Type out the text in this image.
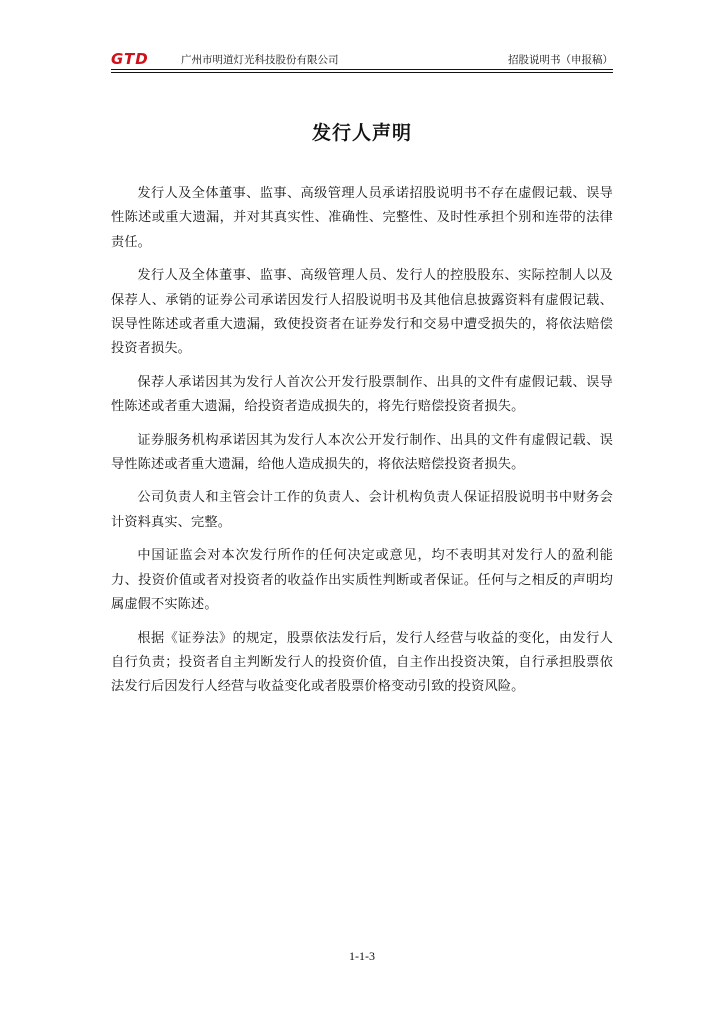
GTD	广州市明道灯光科技股份有限公司	招股说明书（申报稿）
发行人声明

发行人及全体董事、监事、高级管理人员承诺招股说明书不存在虚假记载、误导性陈述或重大遗漏，并对其真实性、准确性、完整性、及时性承担个别和连带的法律责任。

发行人及全体董事、监事、高级管理人员、发行人的控股股东、实际控制人以及保荐人、承销的证券公司承诺因发行人招股说明书及其他信息披露资料有虚假记载、误导性陈述或者重大遗漏，致使投资者在证券发行和交易中遭受损失的，将依法赔偿投资者损失。

保荐人承诺因其为发行人首次公开发行股票制作、出具的文件有虚假记载、误导性陈述或者重大遗漏，给投资者造成损失的，将先行赔偿投资者损失。

证券服务机构承诺因其为发行人本次公开发行制作、出具的文件有虚假记载、误导性陈述或者重大遗漏，给他人造成损失的，将依法赔偿投资者损失。

公司负责人和主管会计工作的负责人、会计机构负责人保证招股说明书中财务会计资料真实、完整。

中国证监会对本次发行所作的任何决定或意见，均不表明其对发行人的盈利能力、投资价值或者对投资者的收益作出实质性判断或者保证。任何与之相反的声明均属虚假不实陈述。

根据《证券法》的规定，股票依法发行后，发行人经营与收益的变化，由发行人自行负责；投资者自主判断发行人的投资价值，自主作出投资决策，自行承担股票依法发行后因发行人经营与收益变化或者股票价格变动引致的投资风险。

1-1-3
